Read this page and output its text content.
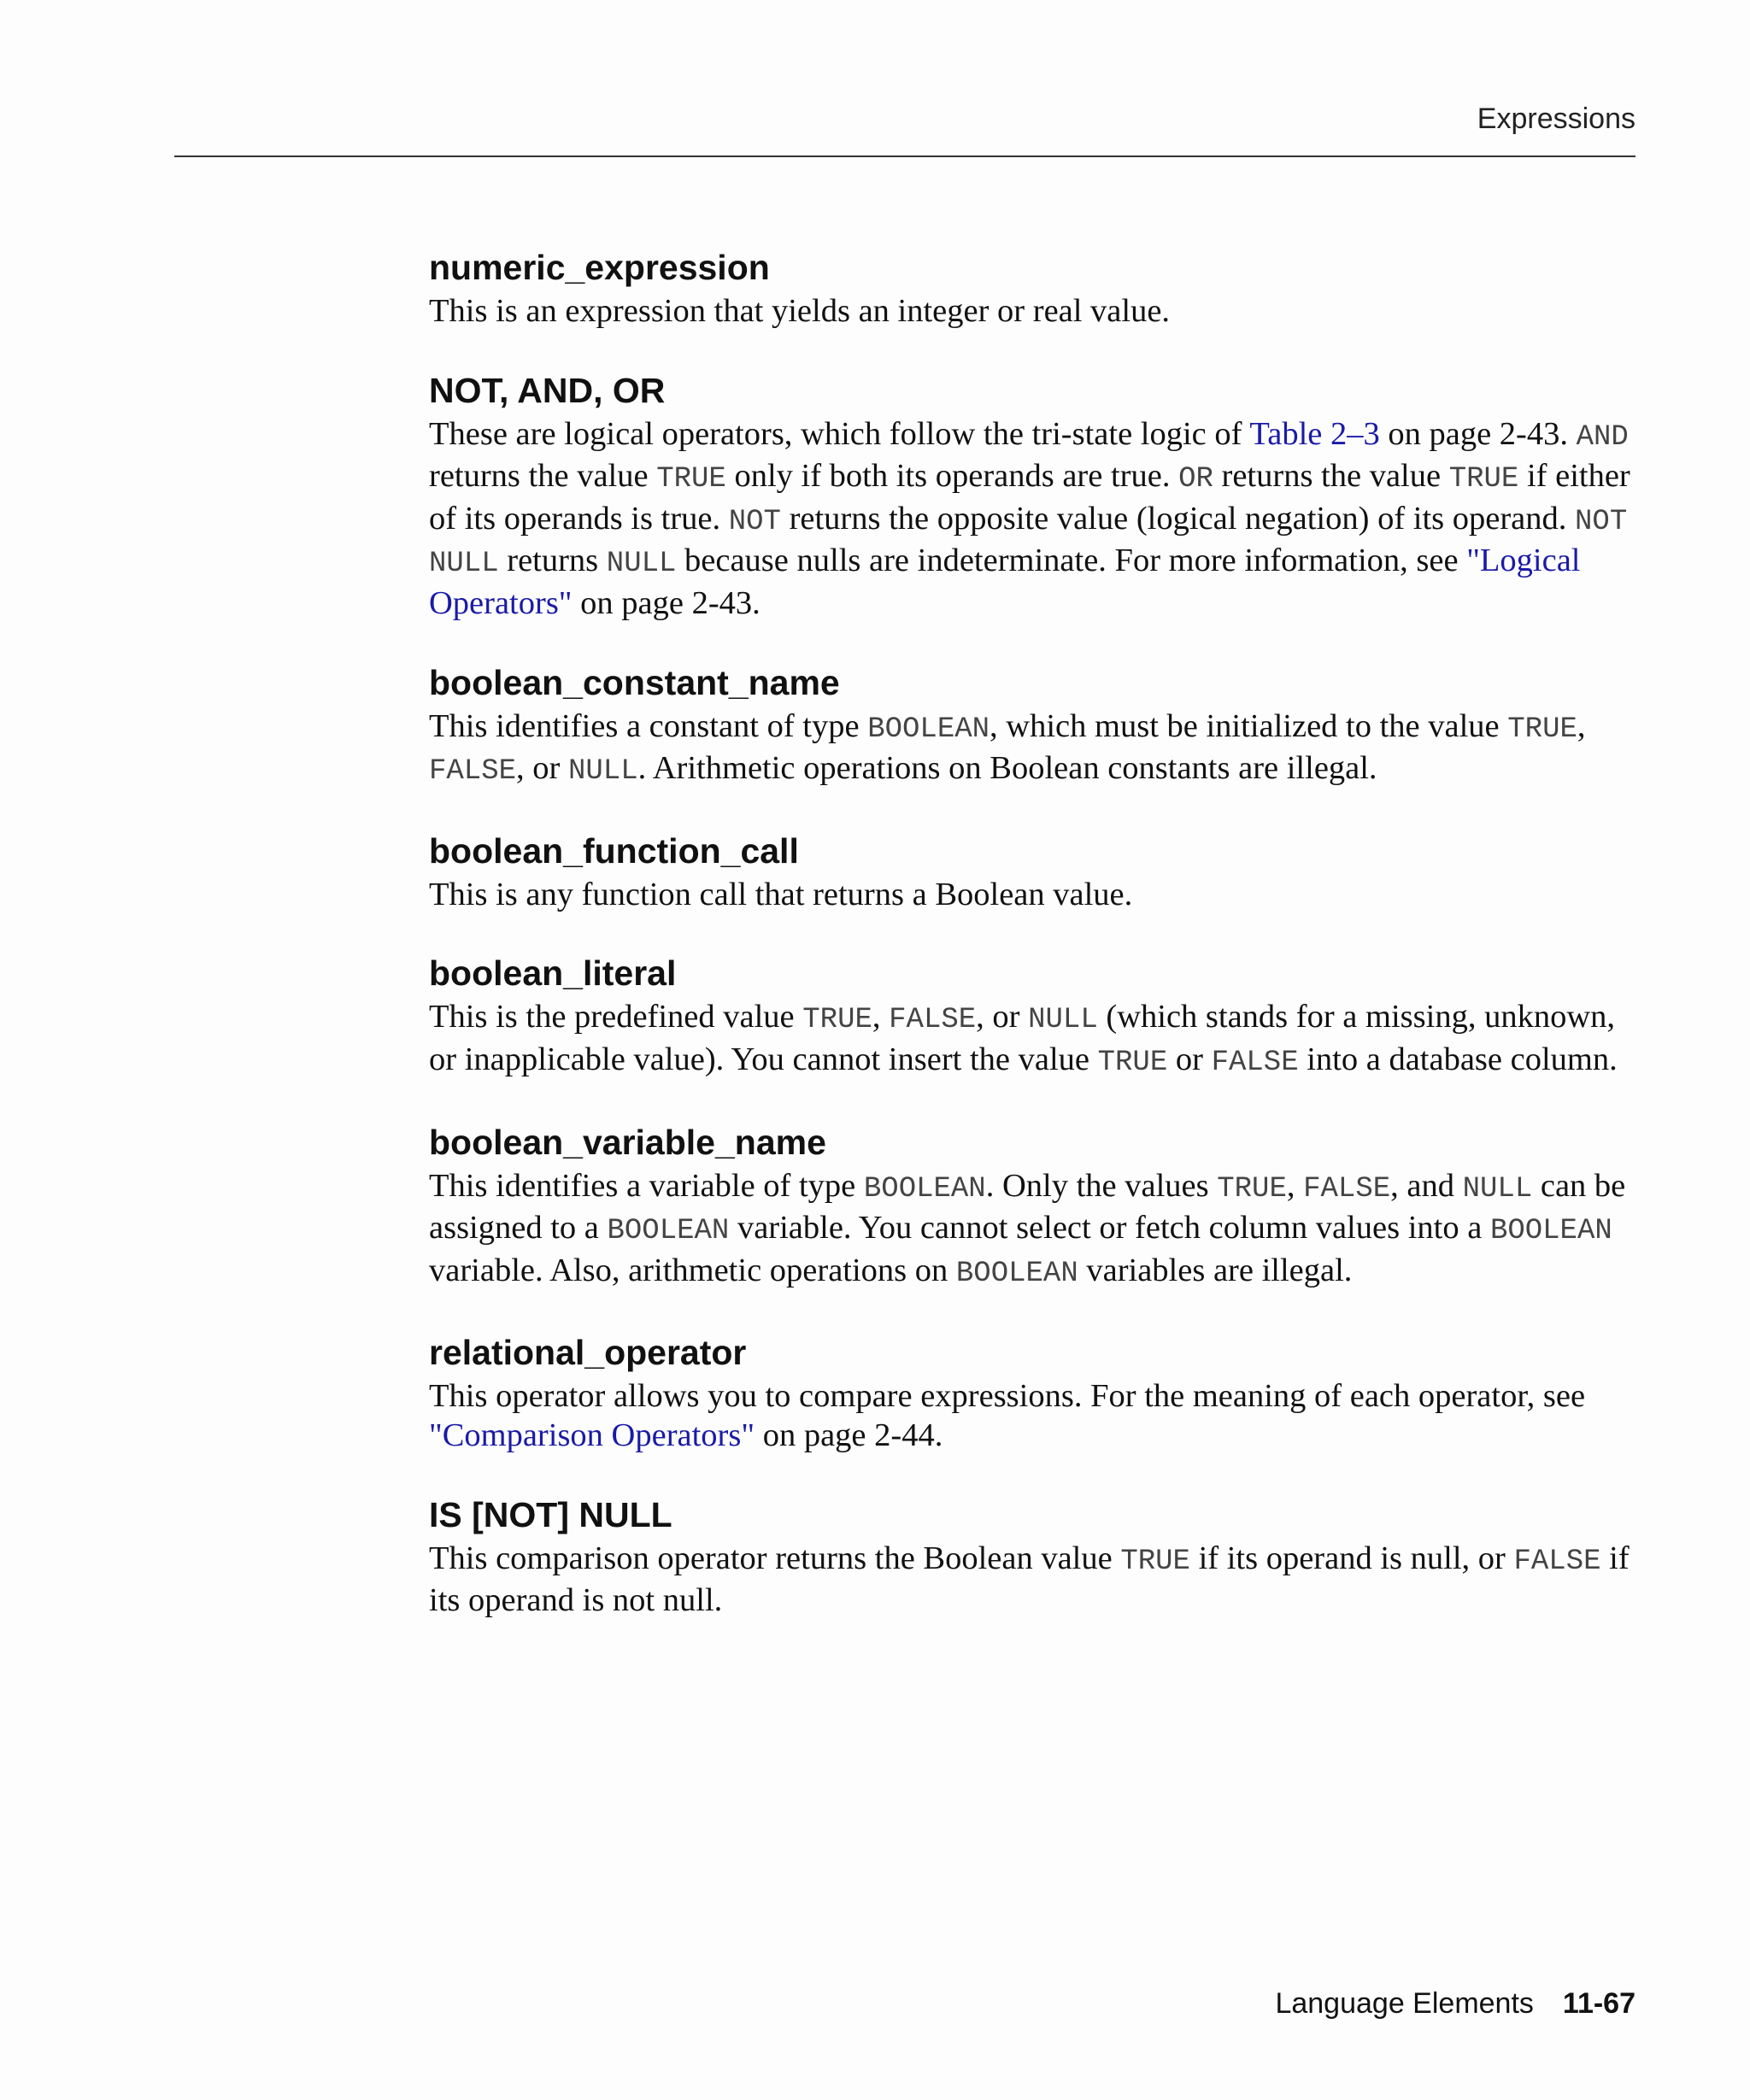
Expressions
numeric_expression

This is an expression that yields an integer or real value.

NOT, AND, OR

These are logical operators, which follow the tri-state logic of Table 2–3 on page 2-43. AND returns the value TRUE only if both its operands are true. OR returns the value TRUE if either of its operands is true. NOT returns the opposite value (logical negation) of its operand. NOT NULL returns NULL because nulls are indeterminate. For more information, see "Logical Operators" on page 2-43.

boolean_constant_name

This identifies a constant of type BOOLEAN, which must be initialized to the value TRUE, FALSE, or NULL. Arithmetic operations on Boolean constants are illegal.

boolean_function_call

This is any function call that returns a Boolean value.

boolean_literal

This is the predefined value TRUE, FALSE, or NULL (which stands for a missing, unknown, or inapplicable value). You cannot insert the value TRUE or FALSE into a database column.

boolean_variable_name

This identifies a variable of type BOOLEAN. Only the values TRUE, FALSE, and NULL can be assigned to a BOOLEAN variable. You cannot select or fetch column values into a BOOLEAN variable. Also, arithmetic operations on BOOLEAN variables are illegal.

relational_operator

This operator allows you to compare expressions. For the meaning of each operator, see "Comparison Operators" on page 2-44.

IS [NOT] NULL

This comparison operator returns the Boolean value TRUE if its operand is null, or FALSE if its operand is not null.

Language Elements 11-67
